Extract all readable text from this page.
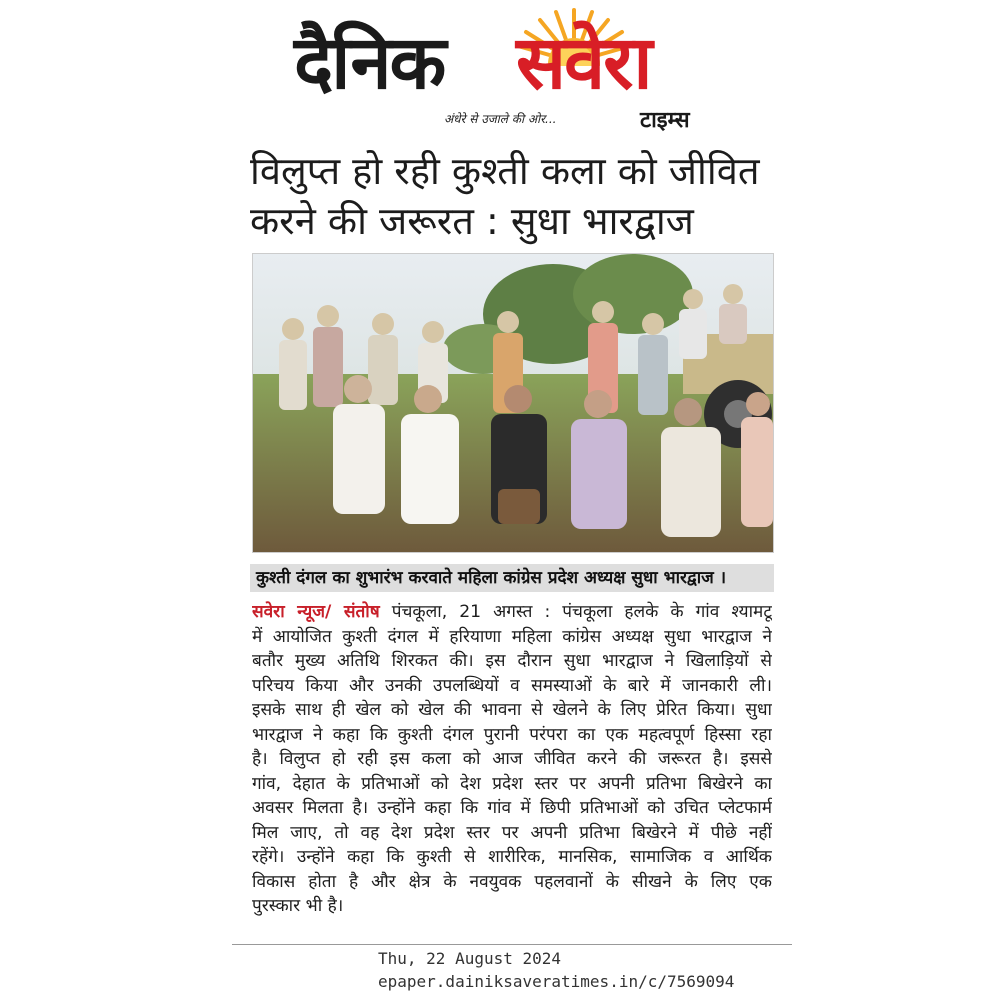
दैनिक सवेरा
अंधेरे से उजाले की ओर...	टाइम्स
विलुप्त हो रही कुश्ती कला को जीवित
करने की जरूरत : सुधा भारद्वाज
कुश्ती दंगल का शुभारंभ करवाते महिला कांग्रेस प्रदेश अध्यक्ष सुधा भारद्वाज ।
सवेरा न्यूज/ संतोष पंचकूला, 21 अगस्त : पंचकूला हलके के गांव श्यामटू
में आयोजित कुश्ती दंगल में हरियाणा महिला कांग्रेस अध्यक्ष सुधा भारद्वाज ने
बतौर मुख्य अतिथि शिरकत की। इस दौरान सुधा भारद्वाज ने खिलाड़ियों से
परिचय किया और उनकी उपलब्धियों व समस्याओं के बारे में जानकारी ली।
इसके साथ ही खेल को खेल की भावना से खेलने के लिए प्रेरित किया। सुधा
भारद्वाज ने कहा कि कुश्ती दंगल पुरानी परंपरा का एक महत्वपूर्ण हिस्सा रहा
है। विलुप्त हो रही इस कला को आज जीवित करने की जरूरत है। इससे
गांव, देहात के प्रतिभाओं को देश प्रदेश स्तर पर अपनी प्रतिभा बिखेरने का
अवसर मिलता है। उन्होंने कहा कि गांव में छिपी प्रतिभाओं को उचित प्लेटफार्म
मिल जाए, तो वह देश प्रदेश स्तर पर अपनी प्रतिभा बिखेरने में पीछे नहीं
रहेंगे। उन्होंने कहा कि कुश्ती से शारीरिक, मानसिक, सामाजिक व आर्थिक
विकास होता है और क्षेत्र के नवयुवक पहलवानों के सीखने के लिए एक
पुरस्कार भी है।
Thu, 22 August 2024
epaper.dainiksaveratimes.in/c/7569094
